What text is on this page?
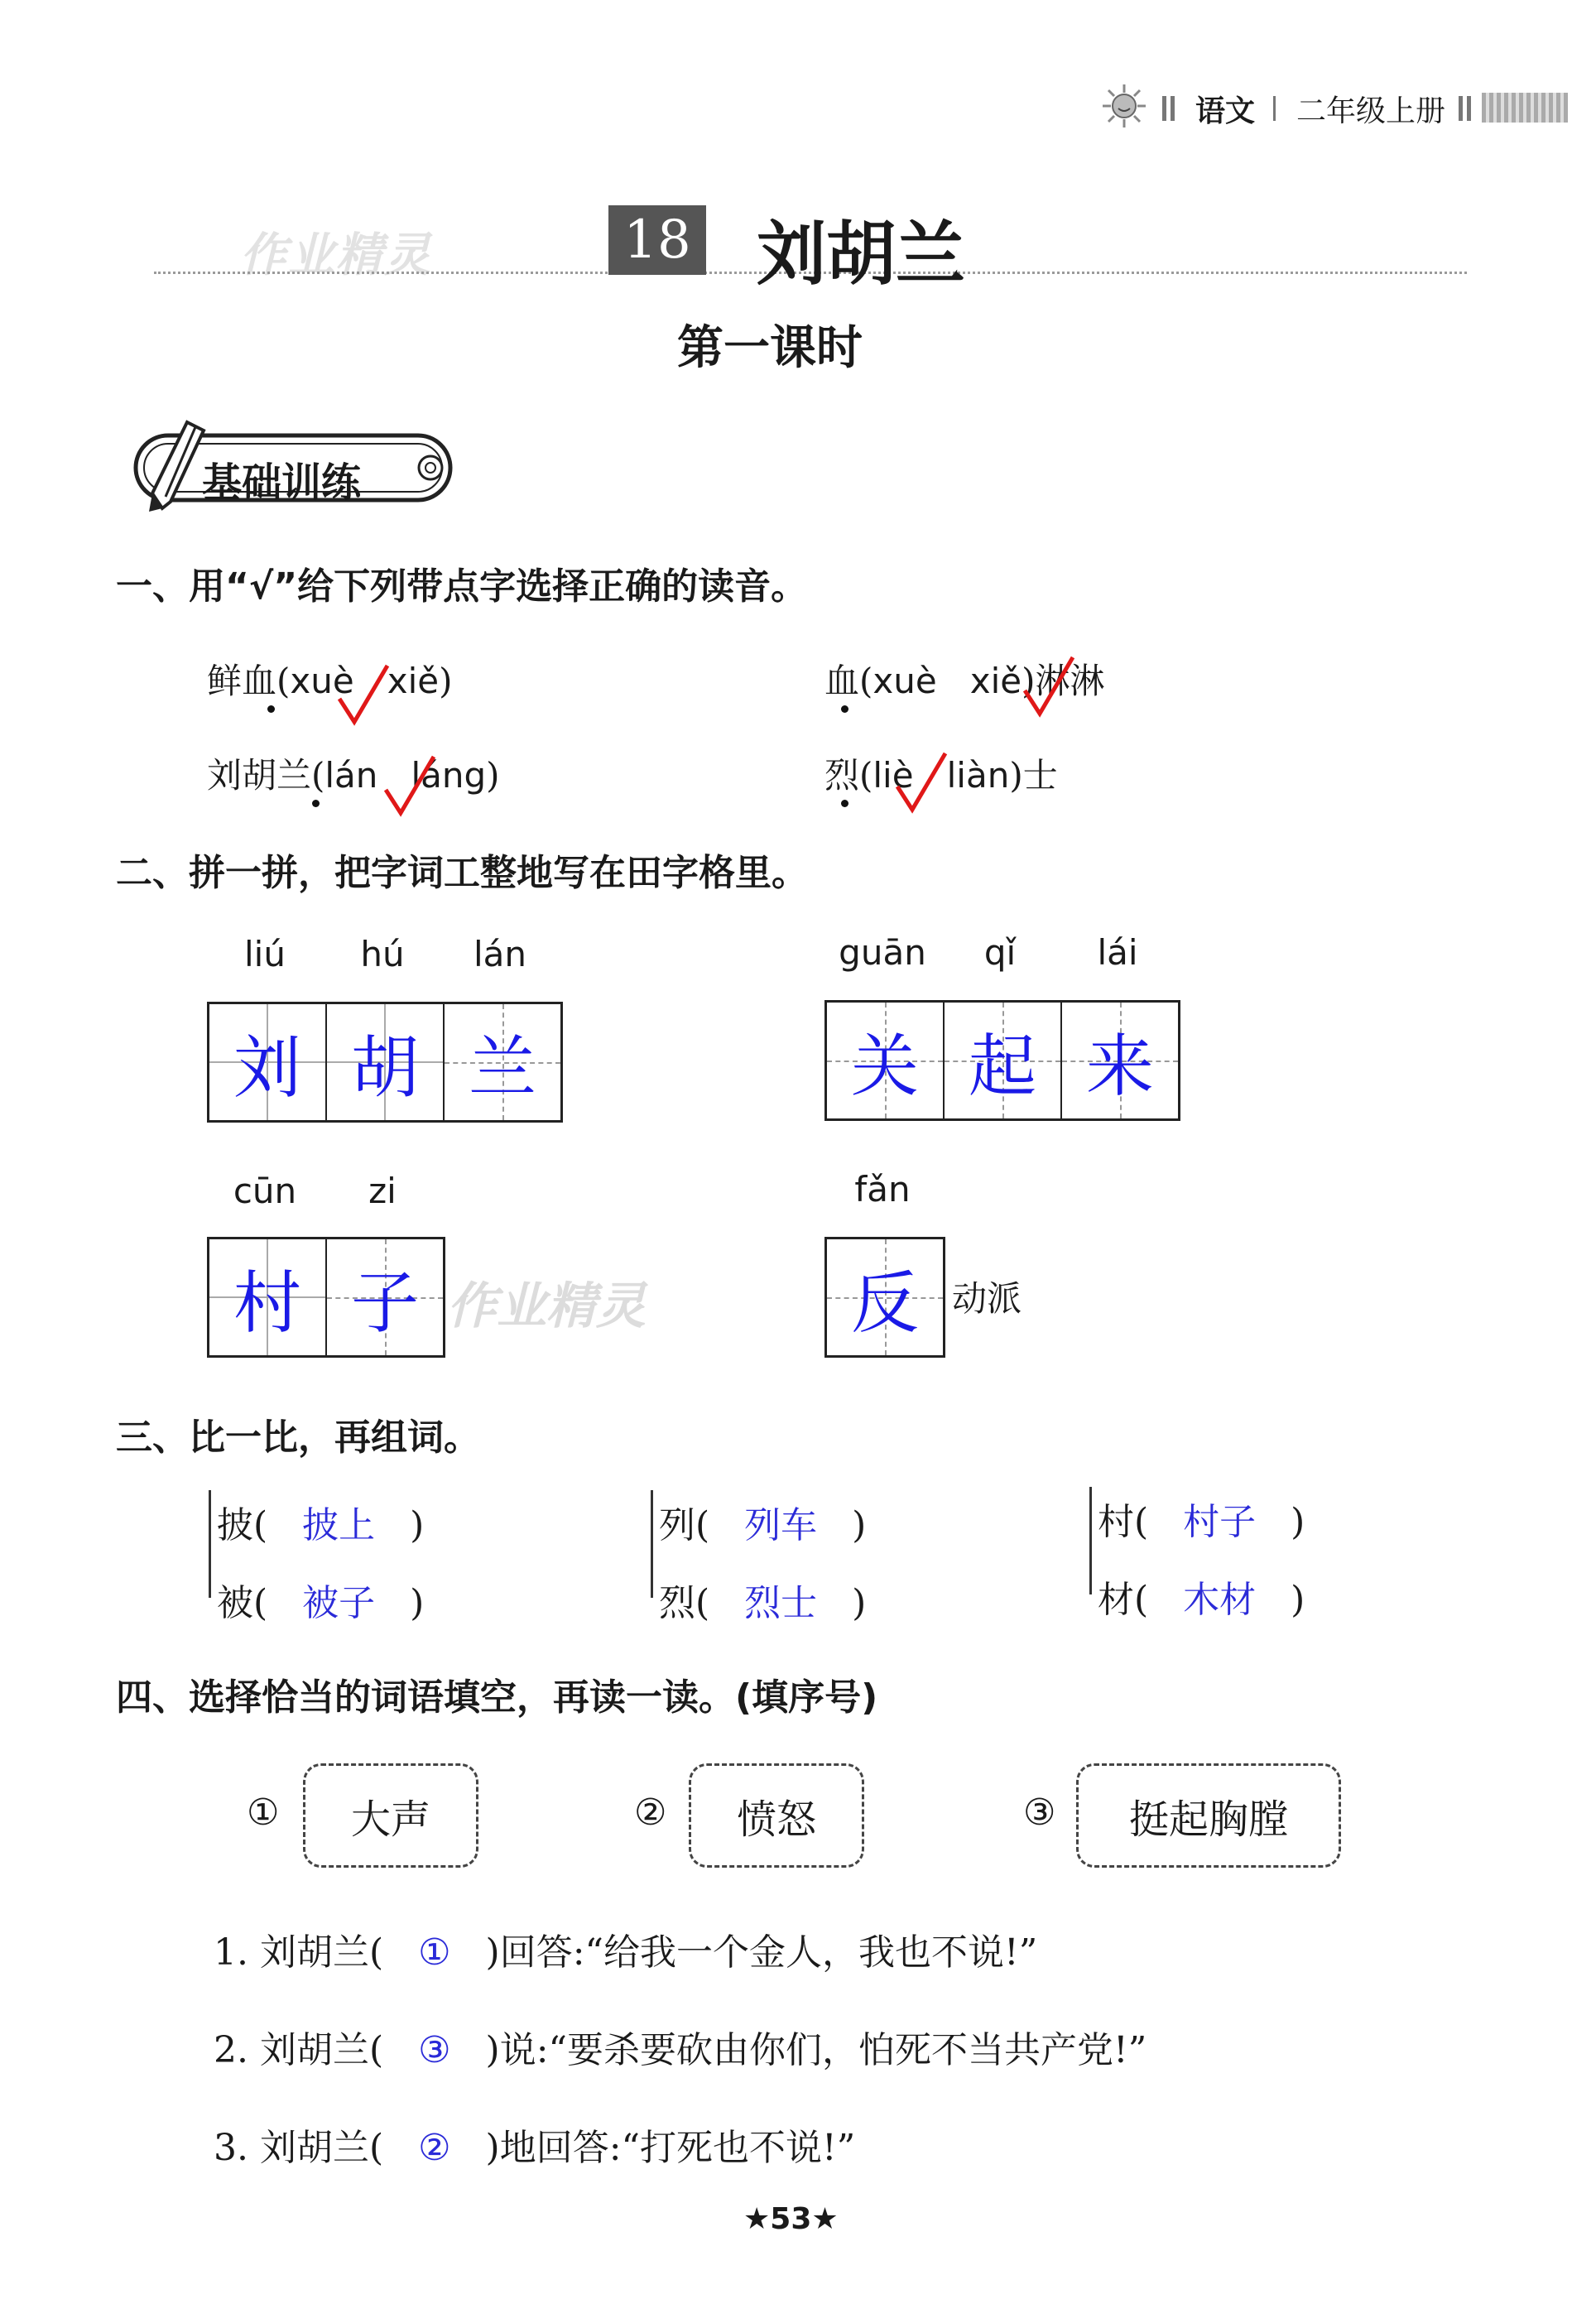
语文 二年级上册
作业精灵	18 刘胡兰
第一课时
基础训练
一、用“√”给下列带点字选择正确的读音。
鲜血(xuè   xiě)	血(xuè   xiě)淋淋
刘胡兰(lán   láng)	烈(liè   liàn)士
二、拼一拼，把字词工整地写在田字格里。
liú	hú	lán
刘 胡 兰
guān	qǐ	lái
关 起 来
cūn	zi
村 子 作业精灵
fǎn
反 动派
三、比一比，再组词。
披(   披上   )
被(   被子   )
列(   列车   )
烈(   烈士   )
村(   村子   )
材(   木材   )
四、选择恰当的词语填空，再读一读。(填序号)
①	大声	②	愤怒	③	挺起胸膛
1. 刘胡兰( ① )回答:“给我一个金人，我也不说!”
2. 刘胡兰( ③ )说:“要杀要砍由你们，怕死不当共产党!”
3. 刘胡兰( ② )地回答:“打死也不说!”
★53★
